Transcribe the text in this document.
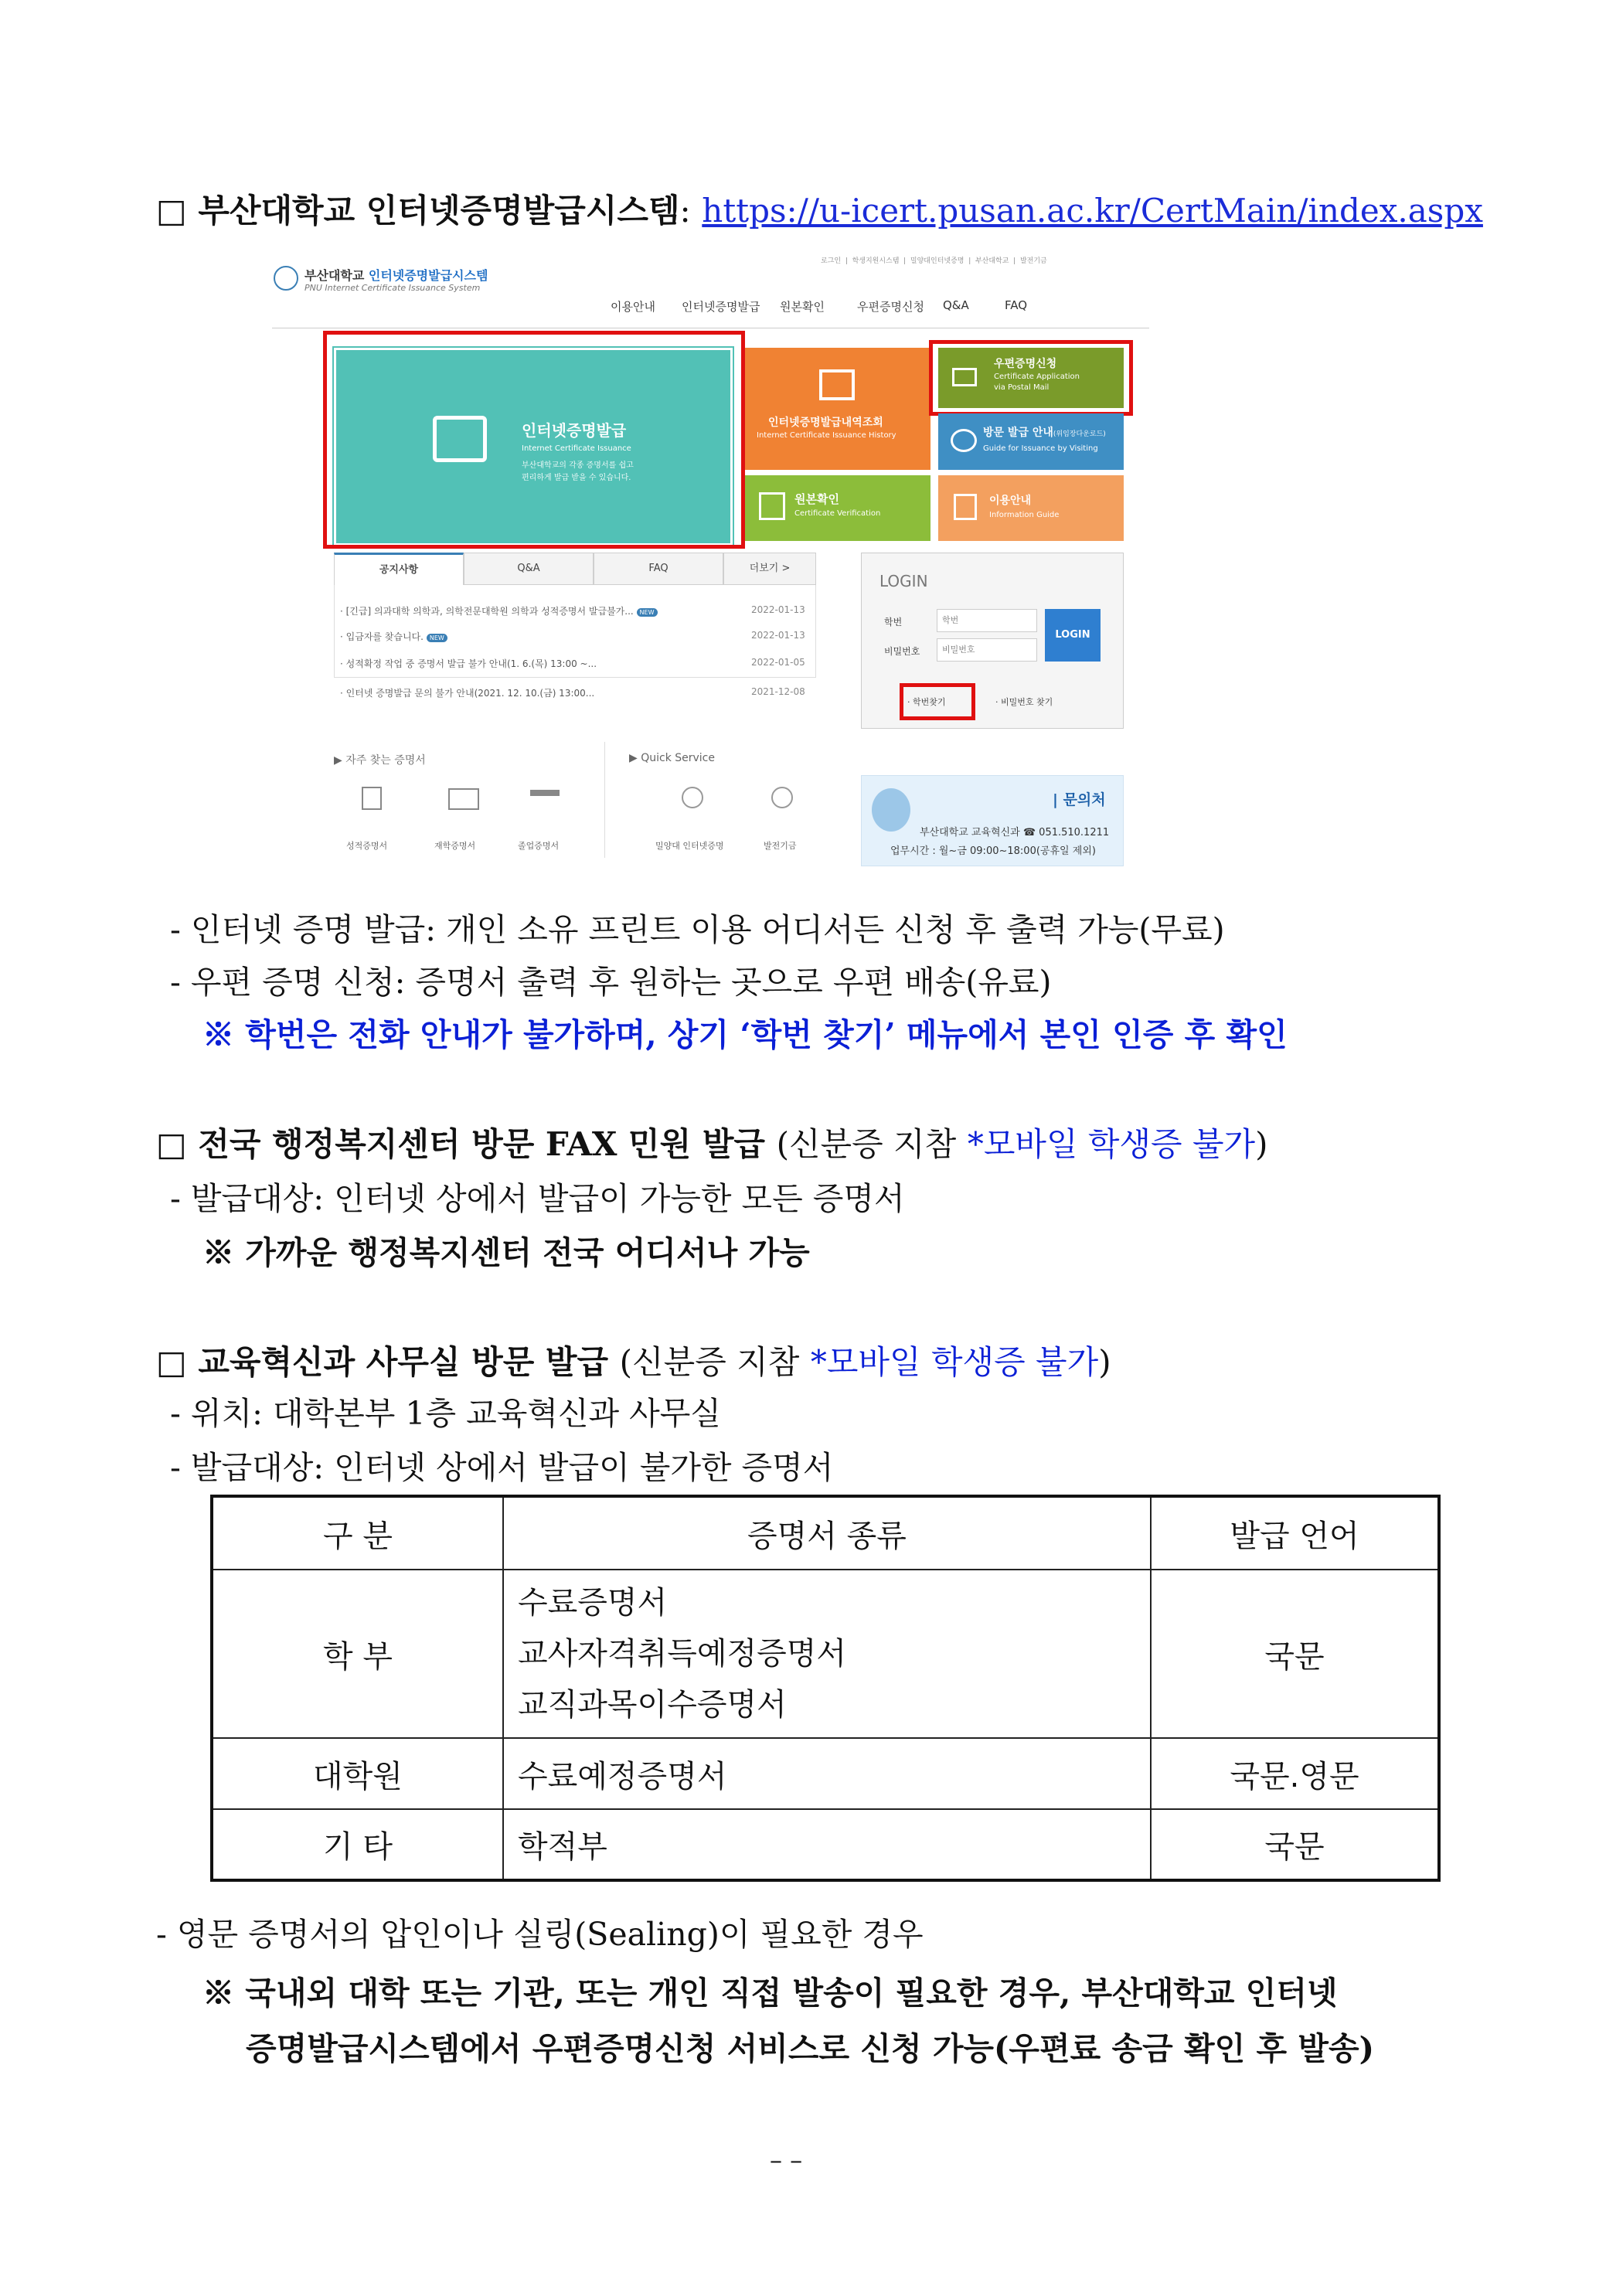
□ 부산대학교 인터넷증명발급시스템: https://u-icert.pusan.ac.kr/CertMain/index.aspx
부산대학교 인터넷증명발급시스템
PNU Internet Certificate Issuance System
로그인  |  학생지원시스템  |  밀양대인터넷증명  |  부산대학교  |  발전기금
이용안내 인터넷증명발급 원본확인	우편증명신청 Q&A	FAQ
인터넷증명발급
Internet Certificate Issuance
부산대학교의 각종 증명서를 쉽고
편리하게 발급 받을 수 있습니다.
인터넷증명발급내역조회
Internet Certificate Issuance History
원본확인
Certificate Verification
우편증명신청
Certificate Application
via Postal Mail
방문 발급 안내(위임장다운로드)
Guide for Issuance by Visiting
이용안내
Information Guide
공지사항	Q&A	FAQ	더보기 >
· [긴급] 의과대학 의학과, 의학전문대학원 의학과 성적증명서 발급불가... NEW	2022-01-13
· 입금자를 찾습니다. NEW	2022-01-13
· 성적확정 작업 중 증명서 발급 불가 안내(1. 6.(목) 13:00 ~...	2022-01-05
· 인터넷 증명발급 문의 불가 안내(2021. 12. 10.(금) 13:00...	2021-12-08
LOGIN
학번
학번
비밀번호
비밀번호
LOGIN
· 학번찾기	· 비밀번호 찾기
▶ 자주 찾는 증명서
성적증명서	재학증명서	졸업증명서
▶ Quick Service
밀양대 인터넷증명	발전기금
| 문의처
부산대학교 교육혁신과 ☎ 051.510.1211
업무시간 : 월~금 09:00~18:00(공휴일 제외)
- 인터넷 증명 발급: 개인 소유 프린트 이용 어디서든 신청 후 출력 가능(무료)
- 우편 증명 신청: 증명서 출력 후 원하는 곳으로 우편 배송(유료)
※ 학번은 전화 안내가 불가하며, 상기 ‘학번 찾기’ 메뉴에서 본인 인증 후 확인
□ 전국 행정복지센터 방문 FAX 민원 발급 (신분증 지참 *모바일 학생증 불가)
- 발급대상: 인터넷 상에서 발급이 가능한 모든 증명서
※ 가까운 행정복지센터 전국 어디서나 가능
□ 교육혁신과 사무실 방문 발급 (신분증 지참 *모바일 학생증 불가)
- 위치: 대학본부 1층 교육혁신과 사무실
- 발급대상: 인터넷 상에서 발급이 불가한 증명서
구 분	증명서 종류	발급 언어
학 부	수료증명서
교사자격취득예정증명서
교직과목이수증명서	국문
대학원	수료예정증명서	국문.영문
기 타	학적부	국문
- 영문 증명서의 압인이나 실링(Sealing)이 필요한 경우
※ 국내외 대학 또는 기관, 또는 개인 직접 발송이 필요한 경우, 부산대학교 인터넷
증명발급시스템에서 우편증명신청 서비스로 신청 가능(우편료 송금 확인 후 발송)
– –
